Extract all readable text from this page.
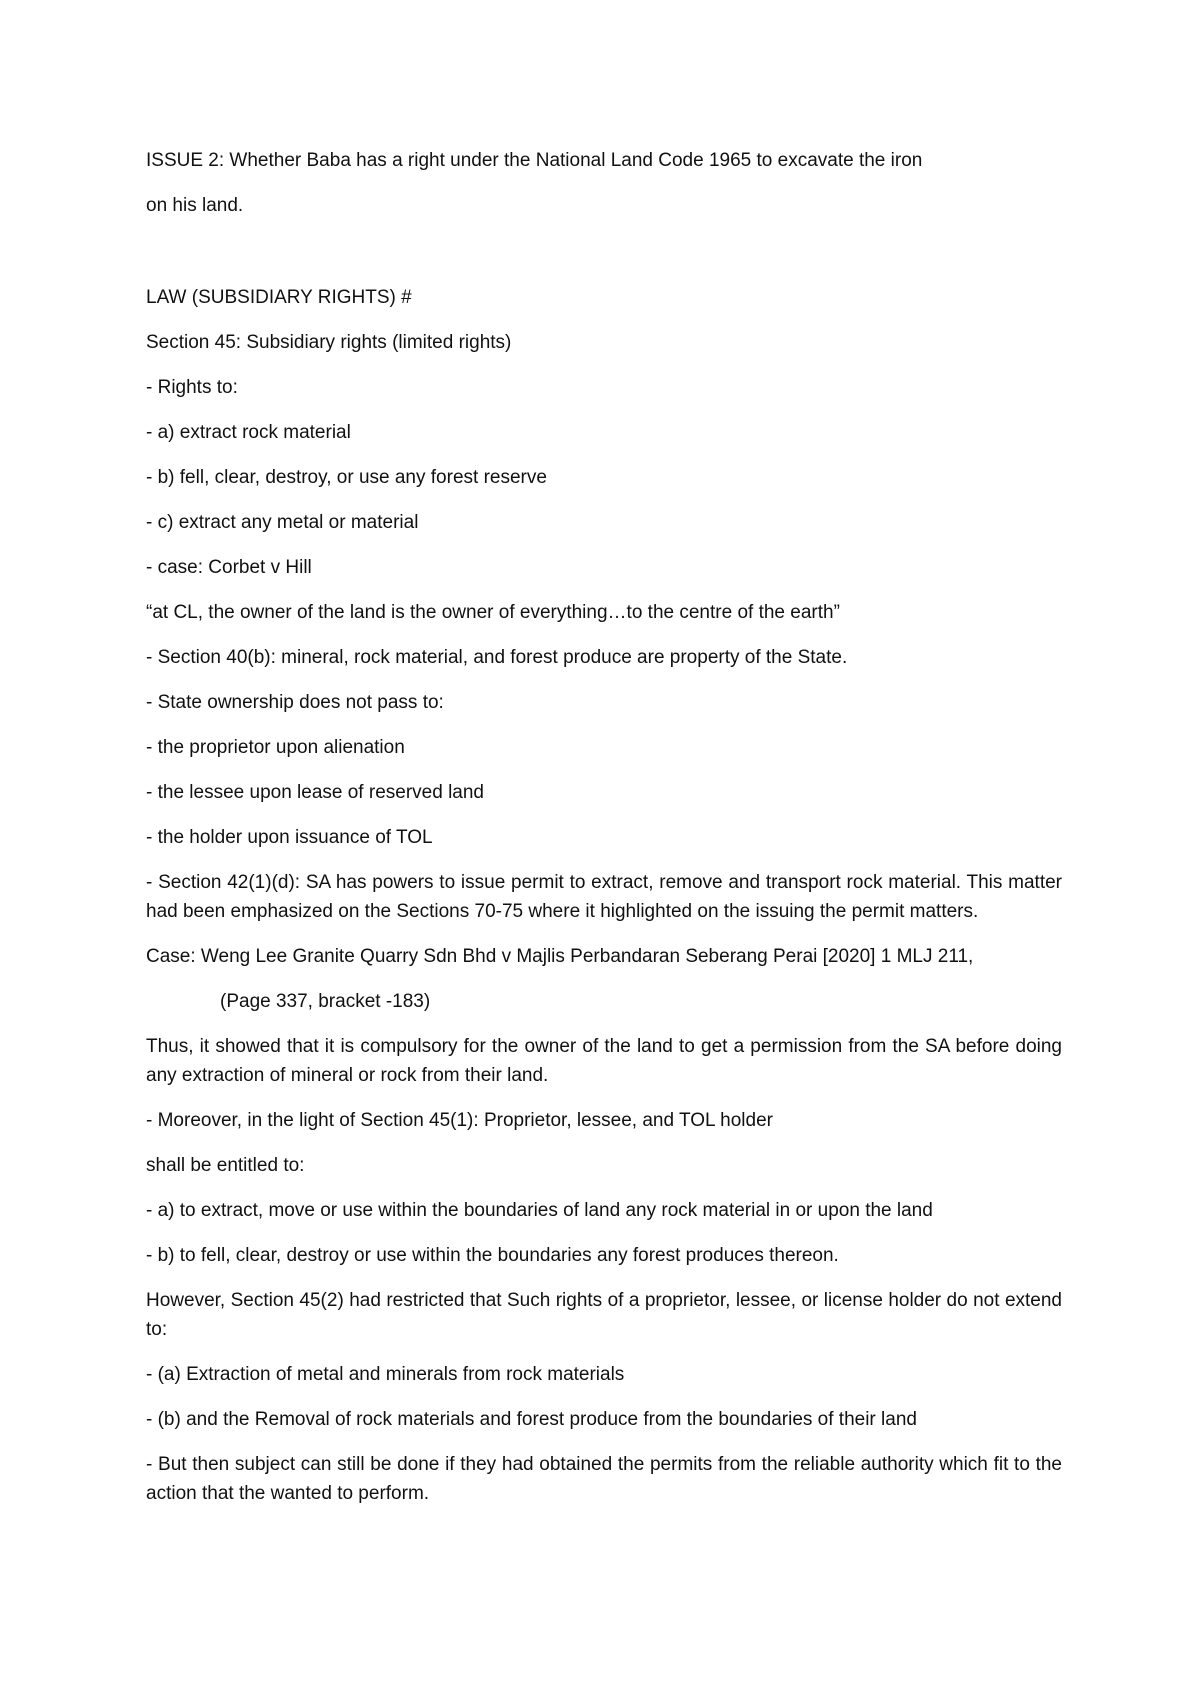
ISSUE 2: Whether Baba has a right under the National Land Code 1965 to excavate the iron

on his land.

LAW (SUBSIDIARY RIGHTS) #

Section 45: Subsidiary rights (limited rights)

- Rights to:

- a) extract rock material

- b) fell, clear, destroy, or use any forest reserve

- c) extract any metal or material

- case: Corbet v Hill

“at CL, the owner of the land is the owner of everything…to the centre of the earth”

- Section 40(b): mineral, rock material, and forest produce are property of the State.

- State ownership does not pass to:

- the proprietor upon alienation

- the lessee upon lease of reserved land

- the holder upon issuance of TOL

- Section 42(1)(d): SA has powers to issue permit to extract, remove and transport rock material. This matter had been emphasized on the Sections 70-75 where it highlighted on the issuing the permit matters.

Case: Weng Lee Granite Quarry Sdn Bhd v Majlis Perbandaran Seberang Perai [2020] 1 MLJ 211,

(Page 337, bracket -183)

Thus, it showed that it is compulsory for the owner of the land to get a permission from the SA before doing any extraction of mineral or rock from their land.

- Moreover, in the light of Section 45(1): Proprietor, lessee, and TOL holder

shall be entitled to:

- a) to extract, move or use within the boundaries of land any rock material in or upon the land

- b) to fell, clear, destroy or use within the boundaries any forest produces thereon.

However, Section 45(2) had restricted that Such rights of a proprietor, lessee, or license holder do not extend to:

- (a) Extraction of metal and minerals from rock materials

- (b) and the Removal of rock materials and forest produce from the boundaries of their land

- But then subject can still be done if they had obtained the permits from the reliable authority which fit to the action that the wanted to perform.
